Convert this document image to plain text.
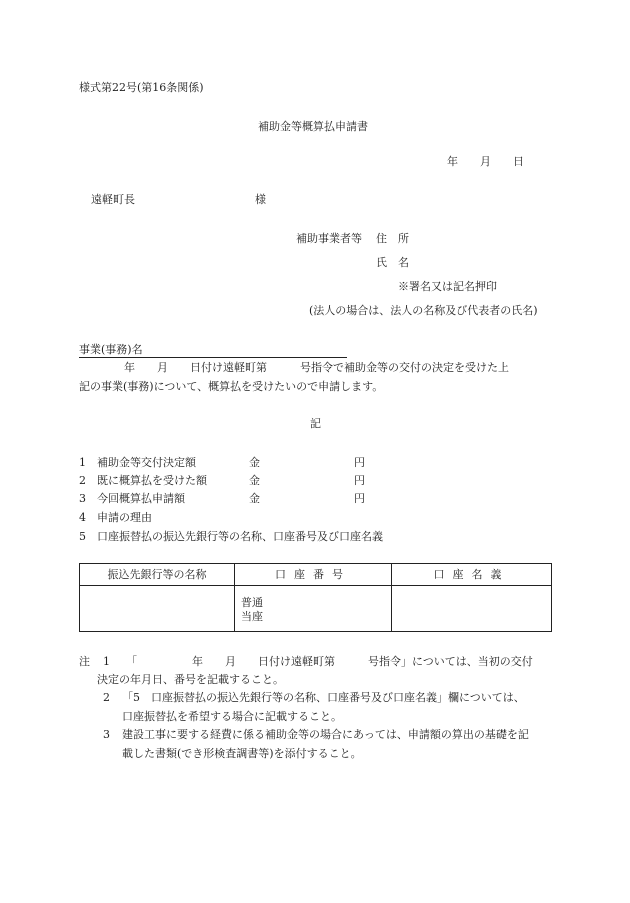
様式第22号(第16条関係)
補助金等概算払申請書
年　　月　　日
遠軽町長	様
補助事業者等 住　所
氏　名
※署名又は記名押印
(法人の場合は、法人の名称及び代表者の氏名)
事業(事務)名
年　　月　　日付け遠軽町第　　　号指令で補助金等の交付の決定を受けた上
記の事業(事務)について、概算払を受けたいので申請します。
記
1 補助金等交付決定額	金	円
2 既に概算払を受けた額	金	円
3 今回概算払申請額	金	円
4 申請の理由
5 口座振替払の振込先銀行等の名称、口座番号及び口座名義
振込先銀行等の名称	口座番号	口座名義

	普通
当座	

注 1 「　　　　　年　　月　　日付け遠軽町第　　　号指令」については、当初の交付
決定の年月日、番号を記載すること。
2 「5　口座振替払の振込先銀行等の名称、口座番号及び口座名義」欄については、
口座振替払を希望する場合に記載すること。
3 建設工事に要する経費に係る補助金等の場合にあっては、申請額の算出の基礎を記
載した書類(でき形検査調書等)を添付すること。
